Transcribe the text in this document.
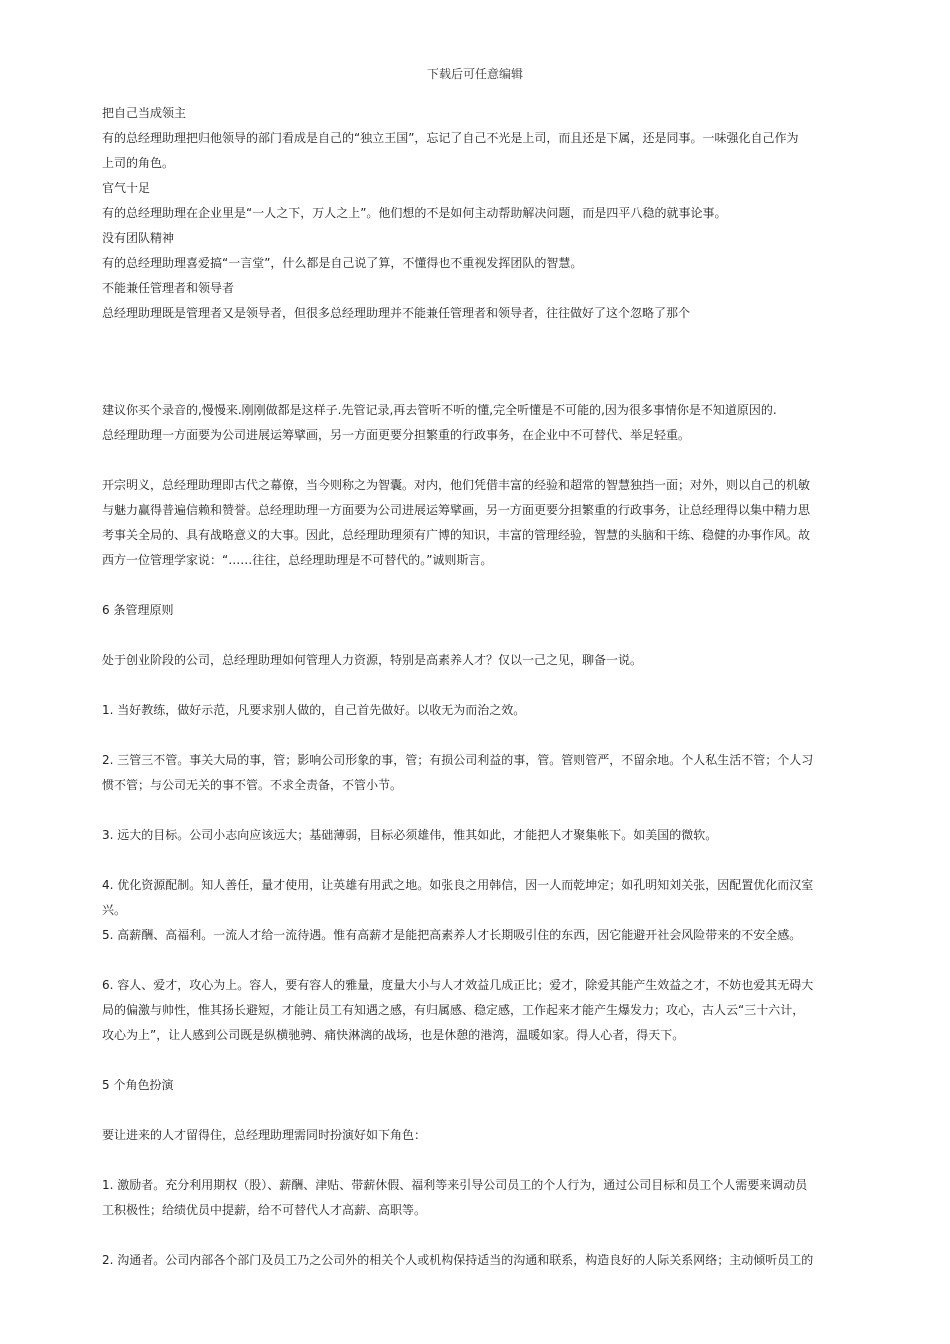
下载后可任意编辑
把自己当成领主
有的总经理助理把归他领导的部门看成是自己的“独立王国”，忘记了自己不光是上司，而且还是下属，还是同事。一味强化自己作为
上司的角色。
官气十足
有的总经理助理在企业里是“一人之下，万人之上”。他们想的不是如何主动帮助解决问题，而是四平八稳的就事论事。
没有团队精神
有的总经理助理喜爱搞“一言堂”，什么都是自己说了算，不懂得也不重视发挥团队的智慧。
不能兼任管理者和领导者
总经理助理既是管理者又是领导者，但很多总经理助理并不能兼任管理者和领导者，往往做好了这个忽略了那个
建议你买个录音的,慢慢来.刚刚做都是这样子.先管记录,再去管听不听的懂,完全听懂是不可能的,因为很多事情你是不知道原因的.
总经理助理一方面要为公司进展运筹擘画，另一方面更要分担繁重的行政事务，在企业中不可替代、举足轻重。
开宗明义，总经理助理即古代之幕僚，当今则称之为智囊。对内，他们凭借丰富的经验和超常的智慧独挡一面；对外，则以自己的机敏
与魅力赢得普遍信赖和赞誉。总经理助理一方面要为公司进展运筹擘画，另一方面更要分担繁重的行政事务，让总经理得以集中精力思
考事关全局的、具有战略意义的大事。因此，总经理助理须有广博的知识，丰富的管理经验，智慧的头脑和干练、稳健的办事作风。故
西方一位管理学家说：“……往往，总经理助理是不可替代的。”诚则斯言。
6 条管理原则
处于创业阶段的公司，总经理助理如何管理人力资源，特别是高素养人才？仅以一己之见，聊备一说。
1. 当好教练，做好示范，凡要求别人做的，自己首先做好。以收无为而治之效。
2. 三管三不管。事关大局的事，管；影响公司形象的事，管；有损公司利益的事，管。管则管严，不留余地。个人私生活不管；个人习
惯不管；与公司无关的事不管。不求全责备，不管小节。
3. 远大的目标。公司小志向应该远大；基础薄弱，目标必须雄伟，惟其如此，才能把人才聚集帐下。如美国的微软。
4. 优化资源配制。知人善任，量才使用，让英雄有用武之地。如张良之用韩信，因一人而乾坤定；如孔明知刘关张，因配置优化而汉室
兴。
5. 高薪酬、高福利。一流人才给一流待遇。惟有高薪才是能把高素养人才长期吸引住的东西，因它能避开社会风险带来的不安全感。
6. 容人、爱才，攻心为上。容人，要有容人的雅量，度量大小与人才效益几成正比；爱才，除爱其能产生效益之才，不妨也爱其无碍大
局的偏激与帅性，惟其扬长避短，才能让员工有知遇之感，有归属感、稳定感，工作起来才能产生爆发力；攻心，古人云“三十六计，
攻心为上”，让人感到公司既是纵横驰骋、痛快淋漓的战场，也是休憩的港湾，温暖如家。得人心者，得天下。
5 个角色扮演
要让进来的人才留得住，总经理助理需同时扮演好如下角色：
1. 激励者。充分利用期权（股）、薪酬、津贴、带薪休假、福利等来引导公司员工的个人行为，通过公司目标和员工个人需要来调动员
工积极性；给绩优员中提薪，给不可替代人才高薪、高职等。
2. 沟通者。公司内部各个部门及员工乃之公司外的相关个人或机构保持适当的沟通和联系，构造良好的人际关系网络；主动倾听员工的
